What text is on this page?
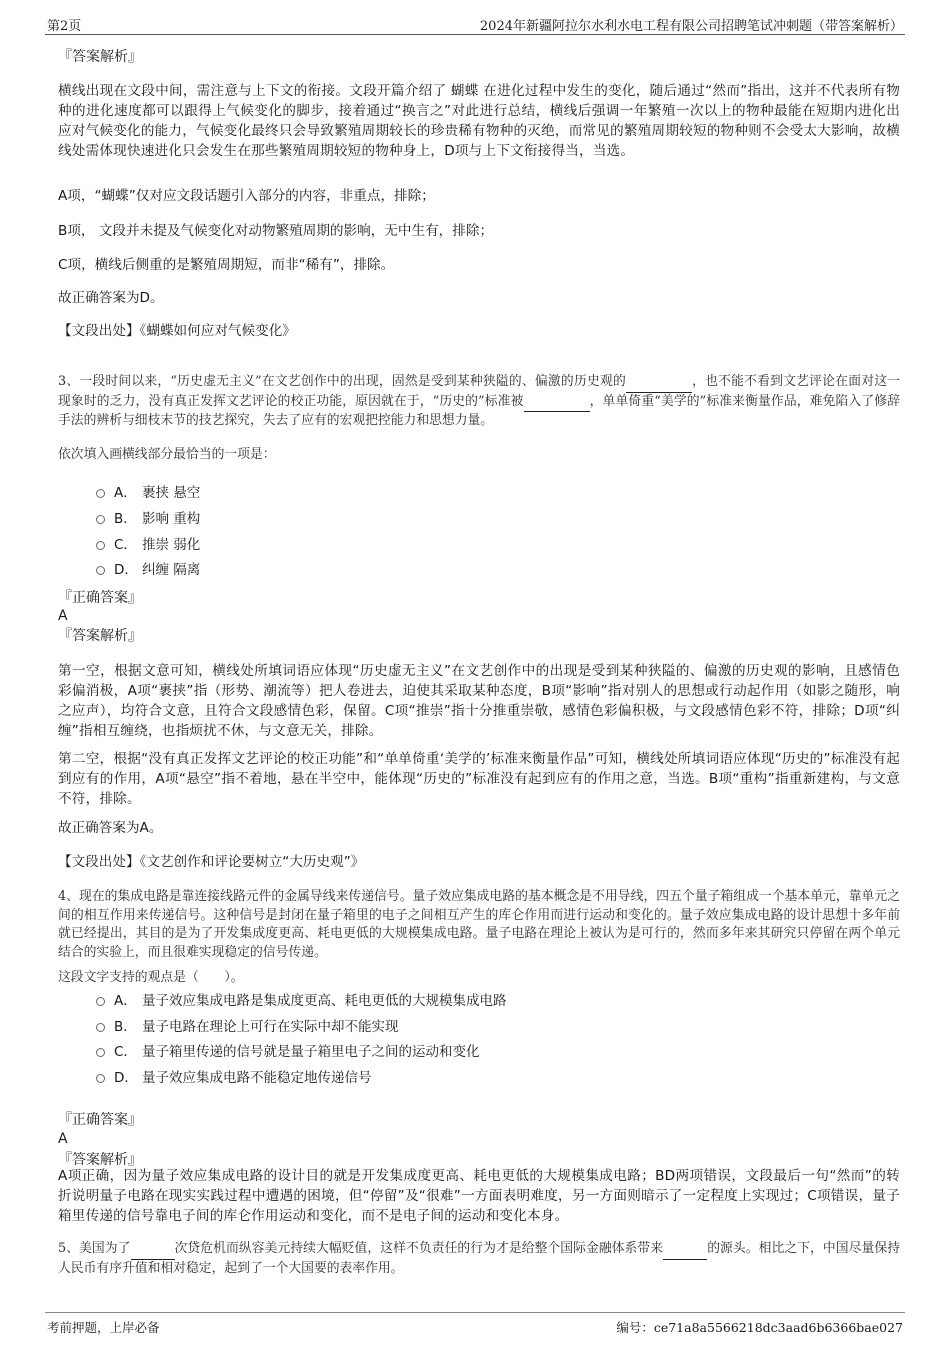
第2页	2024年新疆阿拉尔水利水电工程有限公司招聘笔试冲刺题（带答案解析）
『答案解析』
横线出现在文段中间，需注意与上下文的衔接。文段开篇介绍了 蝴蝶 在进化过程中发生的变化，随后通过“然而”指出，这并不代表所有物种的进化速度都可以跟得上气候变化的脚步，接着通过“换言之”对此进行总结，横线后强调一年繁殖一次以上的物种最能在短期内进化出应对气候变化的能力，气候变化最终只会导致繁殖周期较长的珍贵稀有物种的灭绝，而常见的繁殖周期较短的物种则不会受太大影响，故横线处需体现快速进化只会发生在那些繁殖周期较短的物种身上，D项与上下文衔接得当，当选。
A项，“蝴蝶”仅对应文段话题引入部分的内容，非重点，排除；
B项， 文段并未提及气候变化对动物繁殖周期的影响，无中生有，排除；
C项，横线后侧重的是繁殖周期短，而非“稀有”，排除。
故正确答案为D。
【文段出处】《蝴蝶如何应对气候变化》
3、一段时间以来，“历史虚无主义”在文艺创作中的出现，固然是受到某种狭隘的、偏激的历史观的	，也不能不看到文艺评论在面对这一现象时的乏力，没有真正发挥文艺评论的校正功能，原因就在于，“历史的”标准被	，单单倚重“美学的”标准来衡量作品，难免陷入了修辞手法的辨析与细枝末节的技艺探究，失去了应有的宏观把控能力和思想力量。
依次填入画横线部分最恰当的一项是：
A． 裹挟 悬空
B． 影响 重构
C． 推崇 弱化
D． 纠缠 隔离
『正确答案』
A
『答案解析』
第一空，根据文意可知，横线处所填词语应体现“历史虚无主义”在文艺创作中的出现是受到某种狭隘的、偏激的历史观的影响，且感情色彩偏消极，A项“裹挟”指（形势、潮流等）把人卷进去，迫使其采取某种态度，B项“影响”指对别人的思想或行动起作用（如影之随形，响之应声），均符合文意，且符合文段感情色彩，保留。C项“推崇”指十分推重崇敬，感情色彩偏积极，与文段感情色彩不符，排除；D项“纠缠”指相互缠绕，也指烦扰不休，与文意无关，排除。
第二空，根据“没有真正发挥文艺评论的校正功能”和“单单倚重‘美学的’标准来衡量作品”可知，横线处所填词语应体现“历史的”标准没有起到应有的作用，A项“悬空”指不着地，悬在半空中，能体现“历史的”标准没有起到应有的作用之意，当选。B项“重构”指重新建构，与文意不符，排除。
故正确答案为A。
【文段出处】《文艺创作和评论要树立“大历史观”》
4、现在的集成电路是靠连接线路元件的金属导线来传递信号。量子效应集成电路的基本概念是不用导线，四五个量子箱组成一个基本单元，靠单元之间的相互作用来传递信号。这种信号是封闭在量子箱里的电子之间相互产生的库仑作用而进行运动和变化的。量子效应集成电路的设计思想十多年前就已经提出，其目的是为了开发集成度更高、耗电更低的大规模集成电路。量子电路在理论上被认为是可行的，然而多年来其研究只停留在两个单元结合的实验上，而且很难实现稳定的信号传递。
这段文字支持的观点是（　　）。
A． 量子效应集成电路是集成度更高、耗电更低的大规模集成电路
B． 量子电路在理论上可行在实际中却不能实现
C． 量子箱里传递的信号就是量子箱里电子之间的运动和变化
D． 量子效应集成电路不能稳定地传递信号
『正确答案』
A
『答案解析』
A项正确，因为量子效应集成电路的设计目的就是开发集成度更高、耗电更低的大规模集成电路；BD两项错误，文段最后一句“然而”的转折说明量子电路在现实实践过程中遭遇的困境，但“停留”及“很难”一方面表明难度，另一方面则暗示了一定程度上实现过；C项错误，量子箱里传递的信号靠电子间的库仑作用运动和变化，而不是电子间的运动和变化本身。
5、美国为了	次贷危机而纵容美元持续大幅贬值，这样不负责任的行为才是给整个国际金融体系带来	的源头。相比之下，中国尽量保持人民币有序升值和相对稳定，起到了一个大国要的表率作用。
考前押题，上岸必备	编号：ce71a8a5566218dc3aad6b6366bae027
